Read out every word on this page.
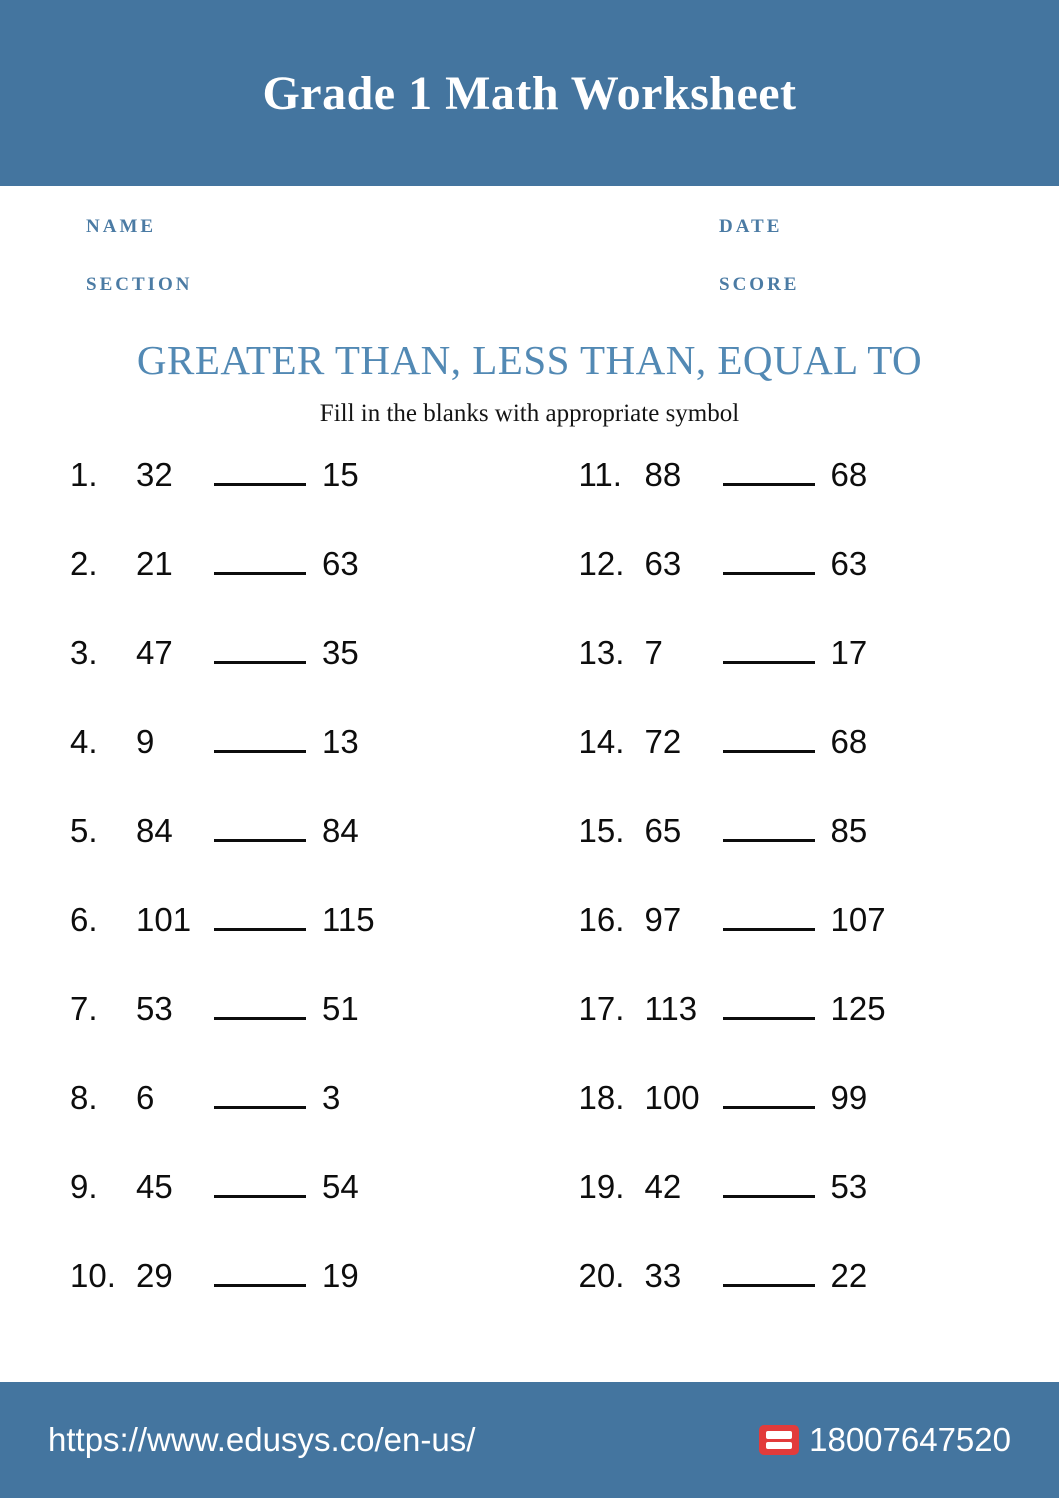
Grade 1 Math Worksheet
NAME	DATE
SECTION	SCORE
GREATER THAN, LESS THAN, EQUAL TO
Fill in the blanks with appropriate symbol
1.	32	15
2.	21	63
3.	47	35
4.	9	13
5.	84	84
6.	101	115
7.	53	51
8.	6	3
9.	45	54
10. 29	19
11. 88	68
12. 63	63
13. 7	17
14. 72	68
15. 65	85
16. 97	107
17. 113	125
18. 100	99
19. 42	53
20. 33	22
https://www.edusys.co/en-us/	18007647520
